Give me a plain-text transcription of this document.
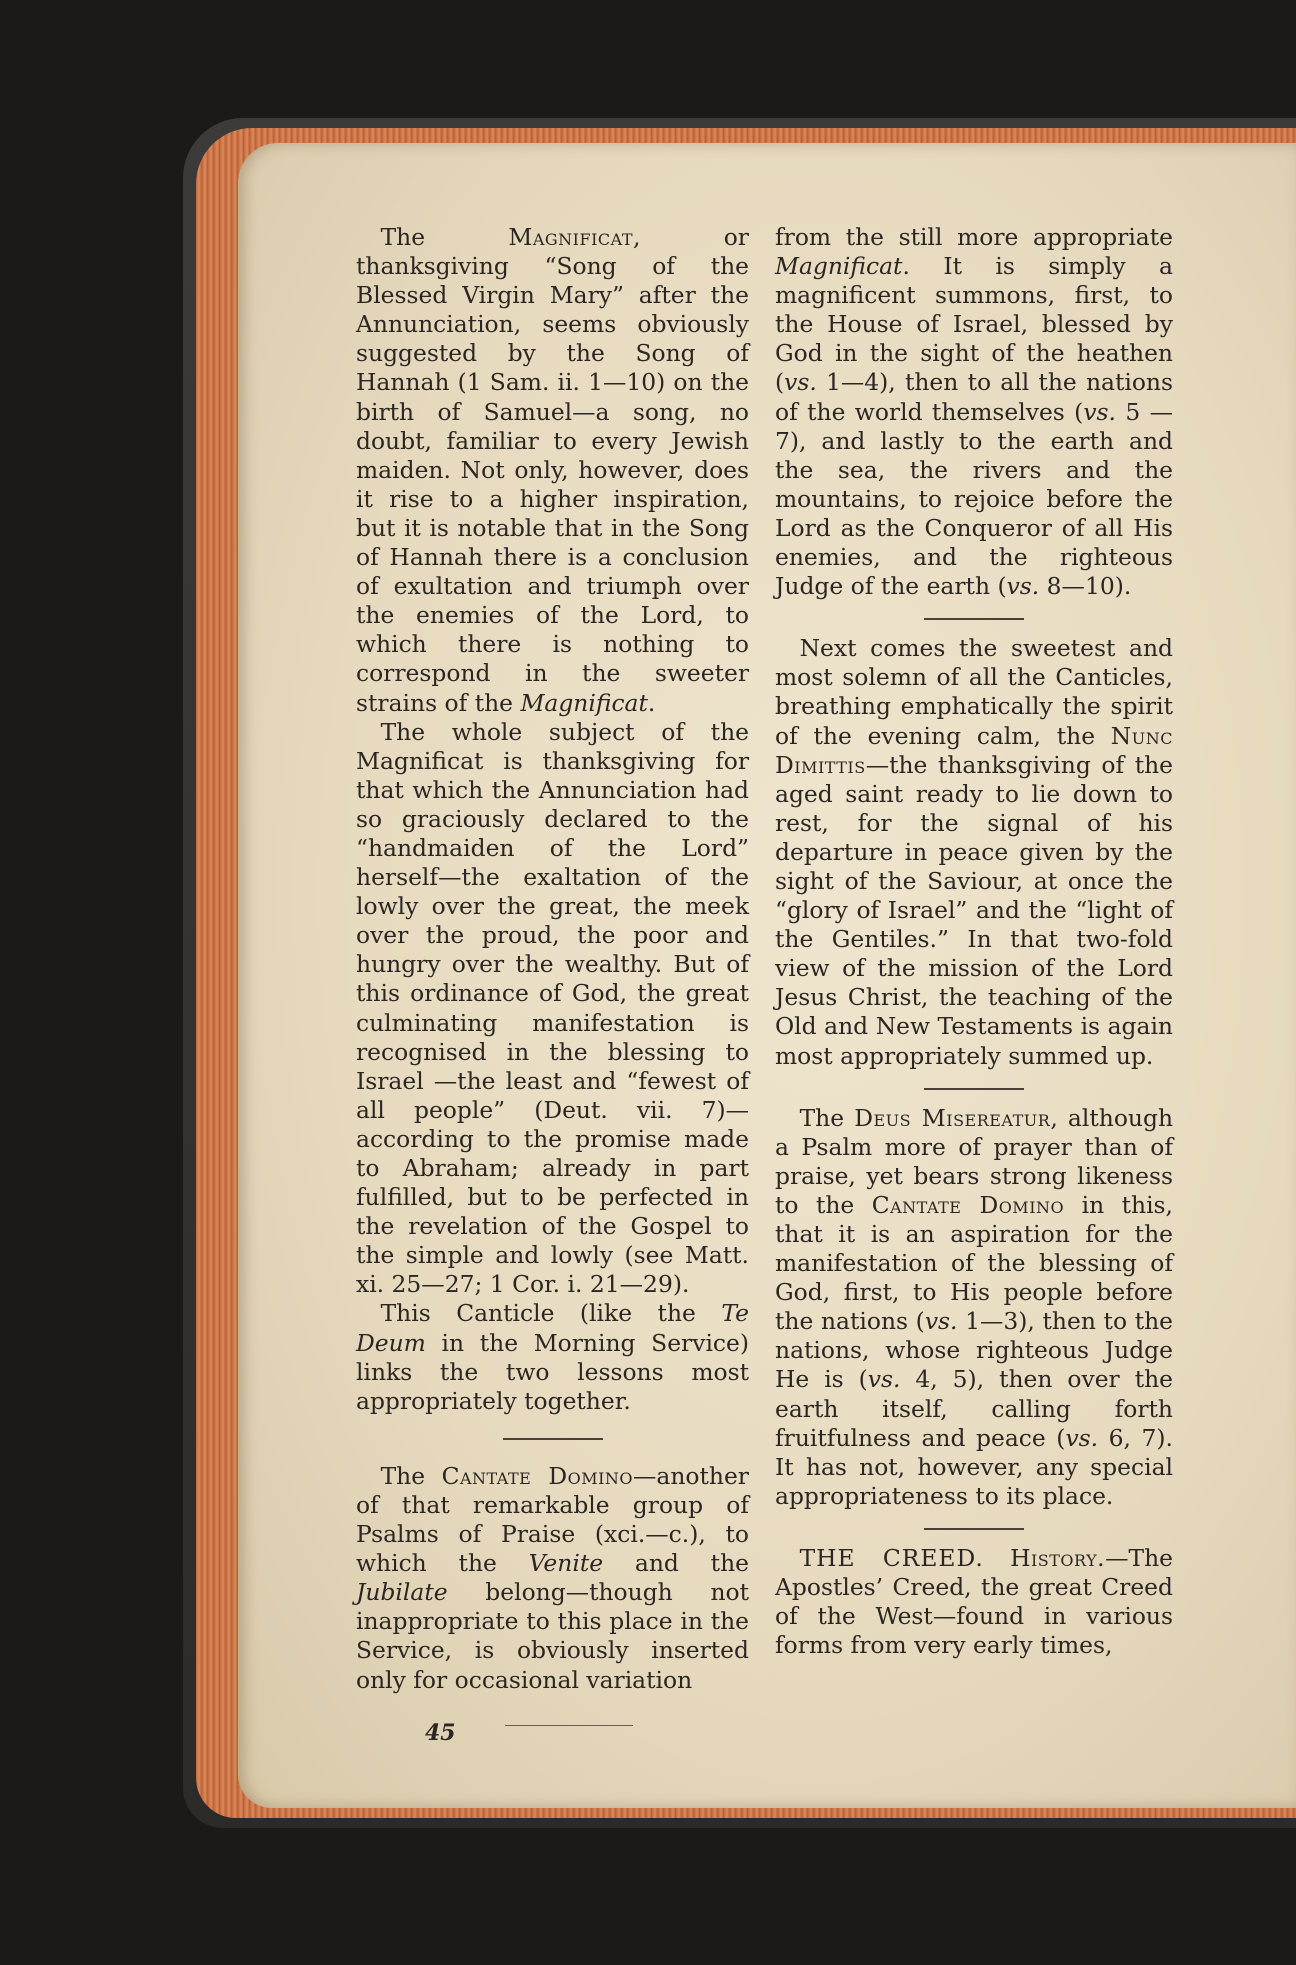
The Magnificat, or thanksgiving “Song of the Blessed Virgin Mary” after the Annunciation, seems obviously suggested by the Song of Hannah (1 Sam. ii. 1—10) on the birth of Samuel—a song, no doubt, familiar to every Jewish maiden. Not only, however, does it rise to a higher inspiration, but it is notable that in the Song of Hannah there is a conclusion of exultation and triumph over the enemies of the Lord, to which there is nothing to correspond in the sweeter strains of the Magnificat.

The whole subject of the Magnificat is thanksgiving for that which the Annunciation had so graciously declared to the “handmaiden of the Lord” herself—the exaltation of the lowly over the great, the meek over the proud, the poor and hungry over the wealthy. But of this ordinance of God, the great culminating manifestation is recognised in the blessing to Israel —the least and “fewest of all people” (Deut. vii. 7)—according to the promise made to Abraham; already in part fulfilled, but to be perfected in the revelation of the Gospel to the simple and lowly (see Matt. xi. 25—27; 1 Cor. i. 21—29).

This Canticle (like the Te Deum in the Morning Service) links the two lessons most appropriately together.

The Cantate Domino—another of that remarkable group of Psalms of Praise (xci.—c.), to which the Venite and the Jubilate belong—though not inappropriate to this place in the Service, is obviously inserted only for occasional variation

from the still more appropriate Magnificat. It is simply a magnificent summons, first, to the House of Israel, blessed by God in the sight of the heathen (vs. 1—4), then to all the nations of the world themselves (vs. 5 —7), and lastly to the earth and the sea, the rivers and the mountains, to rejoice before the Lord as the Conqueror of all His enemies, and the righteous Judge of the earth (vs. 8—10).

Next comes the sweetest and most solemn of all the Canticles, breathing emphatically the spirit of the evening calm, the Nunc Dimittis—the thanksgiving of the aged saint ready to lie down to rest, for the signal of his departure in peace given by the sight of the Saviour, at once the “glory of Israel” and the “light of the Gentiles.” In that two-fold view of the mission of the Lord Jesus Christ, the teaching of the Old and New Testaments is again most appropriately summed up.

The Deus Misereatur, although a Psalm more of prayer than of praise, yet bears strong likeness to the Cantate Domino in this, that it is an aspiration for the manifestation of the blessing of God, first, to His people before the nations (vs. 1—3), then to the nations, whose righteous Judge He is (vs. 4, 5), then over the earth itself, calling forth fruitfulness and peace (vs. 6, 7). It has not, however, any special appropriateness to its place.

THE CREED. History.—The Apostles’ Creed, the great Creed of the West—found in various forms from very early times,

45
